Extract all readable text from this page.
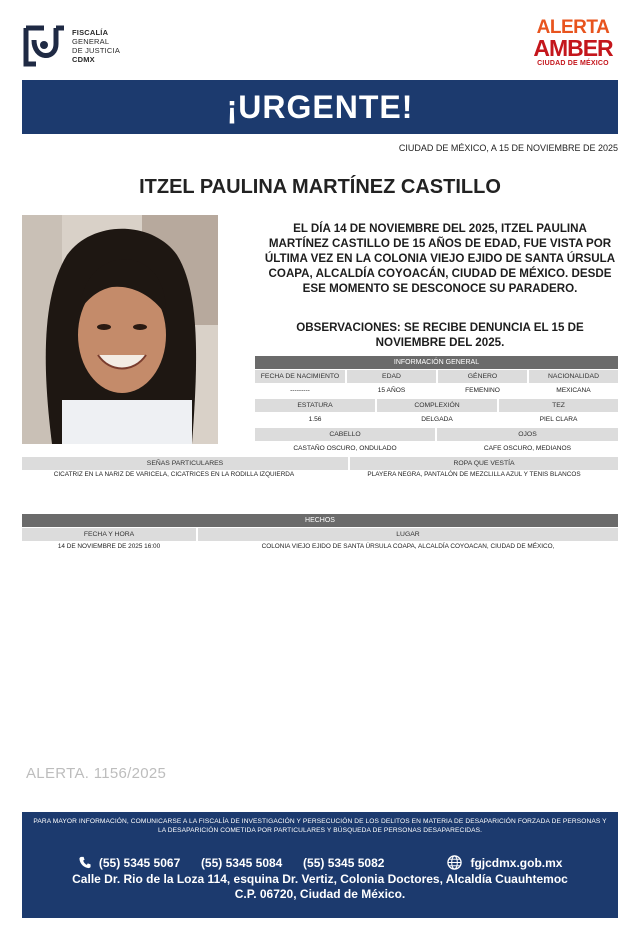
FISCALÍA
GENERAL
DE JUSTICIA
CDMX
ALERTA
AMBER
CIUDAD DE MÉXICO
¡URGENTE!
CIUDAD DE MÉXICO, A 15 DE NOVIEMBRE DE 2025
ITZEL PAULINA MARTÍNEZ CASTILLO
EL DÍA 14 DE NOVIEMBRE DEL 2025, ITZEL PAULINA MARTÍNEZ CASTILLO DE 15 AÑOS DE EDAD, FUE VISTA POR ÚLTIMA VEZ EN LA COLONIA VIEJO EJIDO DE SANTA ÚRSULA COAPA, ALCALDÍA COYOACÁN, CIUDAD DE MÉXICO. DESDE ESE MOMENTO SE DESCONOCE SU PARADERO.
OBSERVACIONES: SE RECIBE DENUNCIA EL 15 DE NOVIEMBRE DEL 2025.
INFORMACIÓN GENERAL
FECHA DE NACIMIENTO	EDAD	GÉNERO	NACIONALIDAD
---------	15 AÑOS	FEMENINO	MEXICANA
ESTATURA	COMPLEXIÓN	TEZ
1.56	DELGADA	PIEL CLARA
CABELLO	OJOS
CASTAÑO OSCURO, ONDULADO	CAFE OSCURO, MEDIANOS
SEÑAS PARTICULARES	ROPA QUE VESTÍA
CICATRIZ EN LA NARIZ DE VARICELA, CICATRICES EN LA RODILLA IZQUIERDA	PLAYERA NEGRA, PANTALÓN DE MEZCLILLA AZUL Y TENIS BLANCOS
HECHOS
FECHA Y HORA	LUGAR
14 DE NOVIEMBRE DE 2025 16:00	COLONIA VIEJO EJIDO DE SANTA ÚRSULA COAPA, ALCALDÍA COYOACAN, CIUDAD DE MÉXICO,
ALERTA. 1156/2025
PARA MAYOR INFORMACIÓN, COMUNICARSE A LA FISCALÍA DE INVESTIGACIÓN Y PERSECUCIÓN DE LOS DELITOS EN MATERIA DE DESAPARICIÓN FORZADA DE PERSONAS Y LA DESAPARICIÓN COMETIDA POR PARTICULARES Y BÚSQUEDA DE PERSONAS DESAPARECIDAS.
(55) 5345 5067 (55) 5345 5084 (55) 5345 5082	fgjcdmx.gob.mx
Calle Dr. Rio de la Loza 114, esquina Dr. Vertiz, Colonia Doctores, Alcaldía Cuauhtemoc
C.P. 06720, Ciudad de México.
